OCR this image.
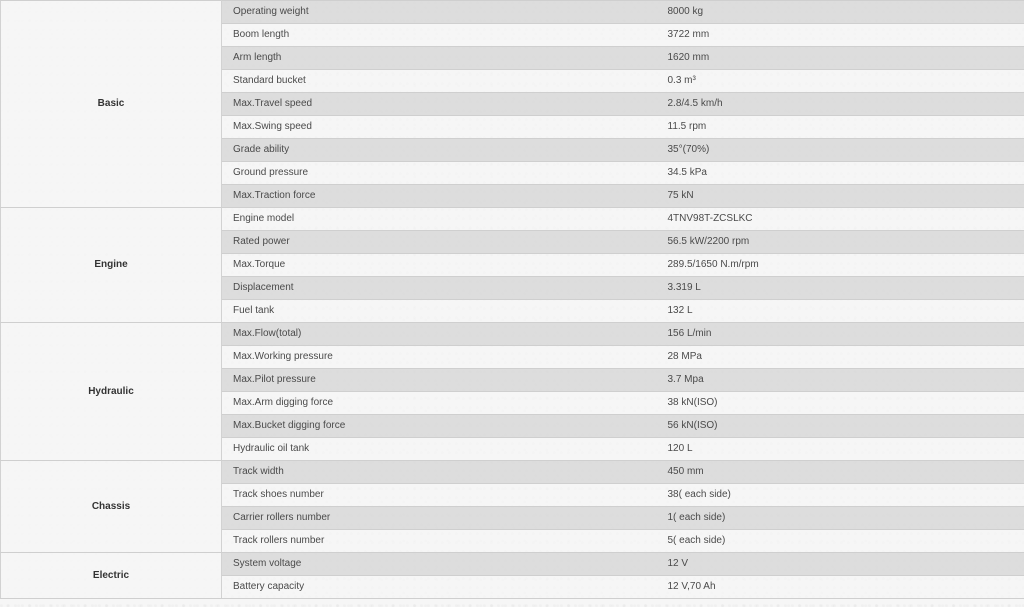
Basic	Operating weight	8000 kg
	Boom length	3722 mm
	Arm length	1620 mm
	Standard bucket	0.3 m³
	Max.Travel speed	2.8/4.5 km/h
	Max.Swing speed	11.5 rpm
	Grade ability	35°(70%)
	Ground pressure	34.5 kPa
	Max.Traction force	75 kN
Engine	Engine model	4TNV98T-ZCSLKC
	Rated power	56.5 kW/2200 rpm
	Max.Torque	289.5/1650 N.m/rpm
	Displacement	3.319 L
	Fuel tank	132 L
Hydraulic	Max.Flow(total)	156 L/min
	Max.Working pressure	28 MPa
	Max.Pilot pressure	3.7 Mpa
	Max.Arm digging force	38 kN(ISO)
	Max.Bucket digging force	56 kN(ISO)
	Hydraulic oil tank	120 L
Chassis	Track width	450 mm
	Track shoes number	38( each side)
	Carrier rollers number	1( each side)
	Track rollers number	5( each side)
Electric	System voltage	12 V
	Battery capacity	12 V,70 Ah
